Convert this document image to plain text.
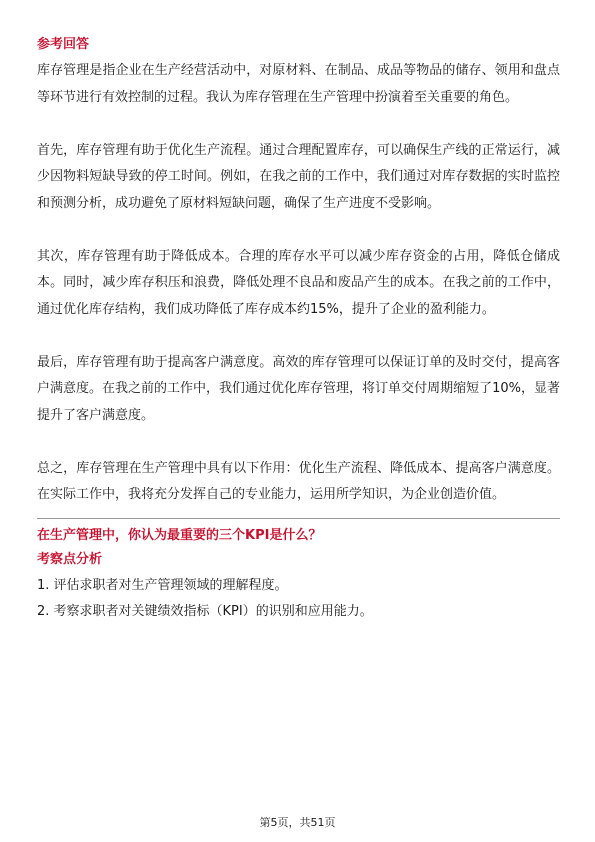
参考回答

库存管理是指企业在生产经营活动中，对原材料、在制品、成品等物品的储存、领用和盘点等环节进行有效控制的过程。我认为库存管理在生产管理中扮演着至关重要的角色。

首先，库存管理有助于优化生产流程。通过合理配置库存，可以确保生产线的正常运行，减少因物料短缺导致的停工时间。例如，在我之前的工作中，我们通过对库存数据的实时监控和预测分析，成功避免了原材料短缺问题，确保了生产进度不受影响。

其次，库存管理有助于降低成本。合理的库存水平可以减少库存资金的占用，降低仓储成本。同时，减少库存积压和浪费，降低处理不良品和废品产生的成本。在我之前的工作中，通过优化库存结构，我们成功降低了库存成本约15%，提升了企业的盈利能力。

最后，库存管理有助于提高客户满意度。高效的库存管理可以保证订单的及时交付，提高客户满意度。在我之前的工作中，我们通过优化库存管理，将订单交付周期缩短了10%，显著提升了客户满意度。

总之，库存管理在生产管理中具有以下作用：优化生产流程、降低成本、提高客户满意度。在实际工作中，我将充分发挥自己的专业能力，运用所学知识，为企业创造价值。

在生产管理中，你认为最重要的三个KPI是什么？

考察点分析

1. 评估求职者对生产管理领域的理解程度。

2. 考察求职者对关键绩效指标（KPI）的识别和应用能力。

第5页，共51页
